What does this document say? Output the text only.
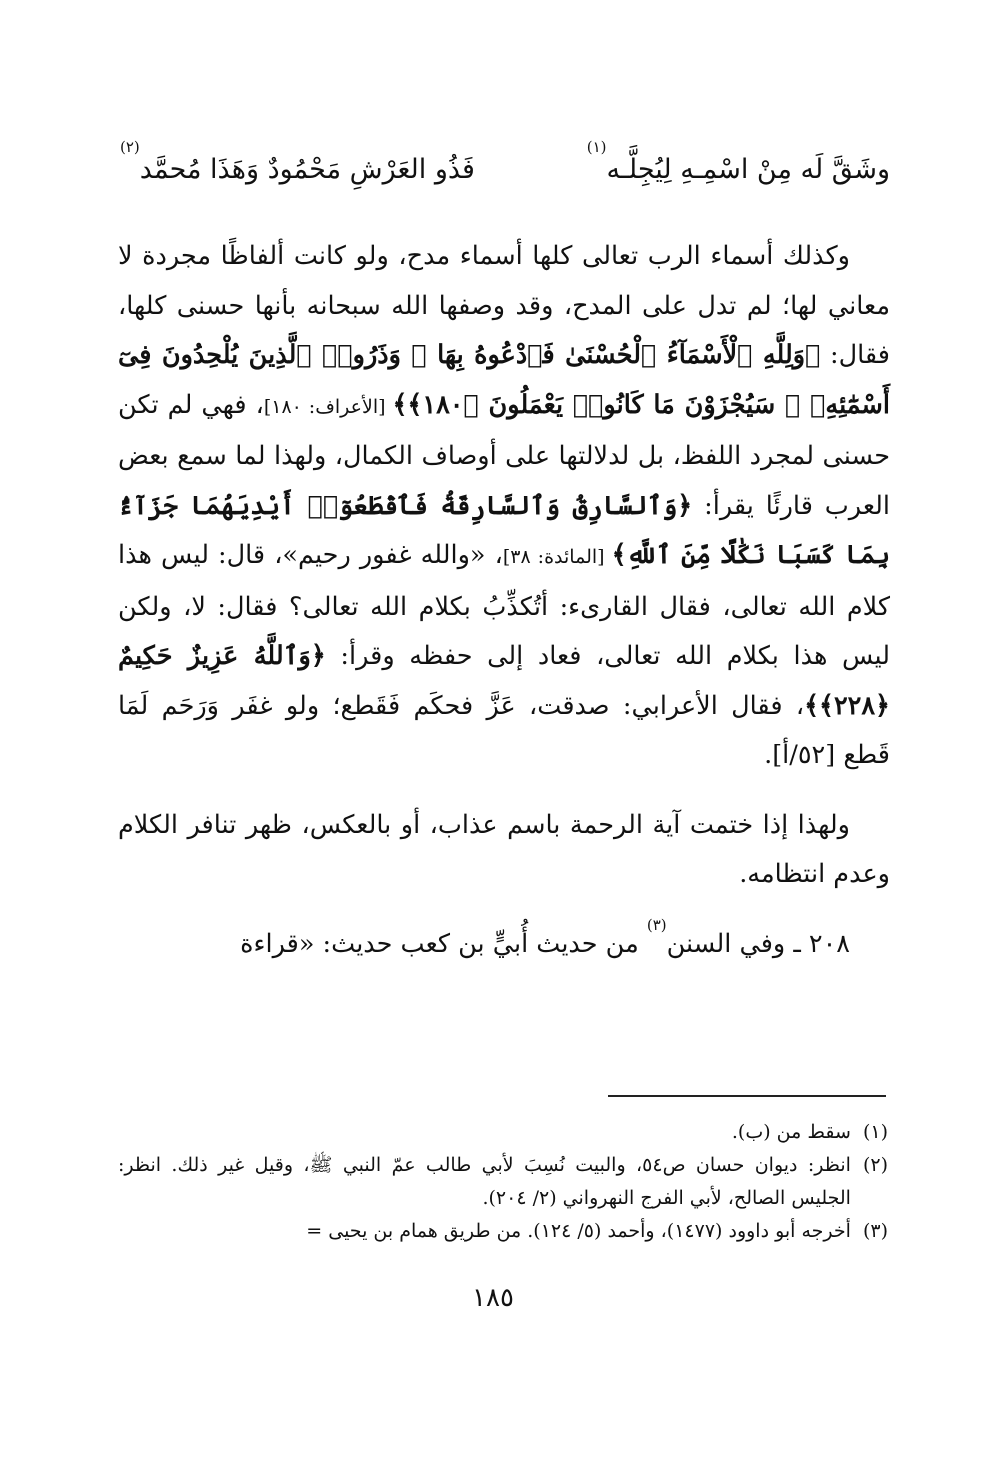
وشَقَّ لَه مِنْ اسْمِـهِ لِيُجِلَّـه$^{(١)}$
فَذُو العَرْشِ مَحْمُودٌ وَهَذَا مُحمَّد$^{(٢)}$

وكذلك أسماء الرب تعالى كلها أسماء مدح، ولو كانت ألفاظًا مجردة لا معاني لها؛ لم تدل على المدح، وقد وصفها الله سبحانه بأنها حسنى كلها، فقال: ﴿وَلِلَّهِ ٱلْأَسْمَآءُ ٱلْحُسْنَىٰ فَٱدْعُوهُ بِهَا ۖ وَذَرُوا۟ ٱلَّذِينَ يُلْحِدُونَ فِىٓ أَسْمَٰٓئِهِۦ ۚ سَيُجْزَوْنَ مَا كَانُوا۟ يَعْمَلُونَ ﴿١٨٠﴾﴾ [الأعراف: ١٨٠]، فهي لم تكن حسنى لمجرد اللفظ، بل لدلالتها على أوصاف الكمال، ولهذا لما سمع بعض العرب قارئًا يقرأ: ﴿وَٱلسَّارِقُ وَٱلسَّارِقَةُ فَٱقْطَعُوٓا۟ أَيْدِيَهُمَا جَزَآءًۢ بِمَا كَسَبَا نَكَٰلًا مِّنَ ٱللَّهِ﴾ [المائدة: ٣٨]، «والله غفور رحيم»، قال: ليس هذا كلام الله تعالى، فقال القارىء: أتُكذِّبُ بكلام الله تعالى؟ فقال: لا، ولكن ليس هذا بكلام الله تعالى، فعاد إلى حفظه وقرأ: ﴿وَٱللَّهُ عَزِيزٌ حَكِيمٌ ﴿٢٢٨﴾﴾، فقال الأعرابي: صدقت، عَزَّ فحكَم فَقَطع؛ ولو غفَر وَرَحَم لَمَا قَطع [٥٢/أ].

ولهذا إذا ختمت آية الرحمة باسم عذاب، أو بالعكس، ظهر تنافر الكلام وعدم انتظامه.

٢٠٨ ـ وفي السنن$^{(٣)}$ من حديث أُبيٍّ بن كعب حديث: «قراءة

(١)
سقط من (ب).
(٢)
انظر: ديوان حسان ص٥٤، والبيت نُسِبَ لأبي طالب عمّ النبي ﷺ، وقيل غير ذلك. انظر: الجليس الصالح، لأبي الفرج النهرواني (٢/ ٢٠٤).
(٣)
أخرجه أبو داوود (١٤٧٧)، وأحمد (٥/ ١٢٤). من طريق همام بن يحيى =
١٨٥
